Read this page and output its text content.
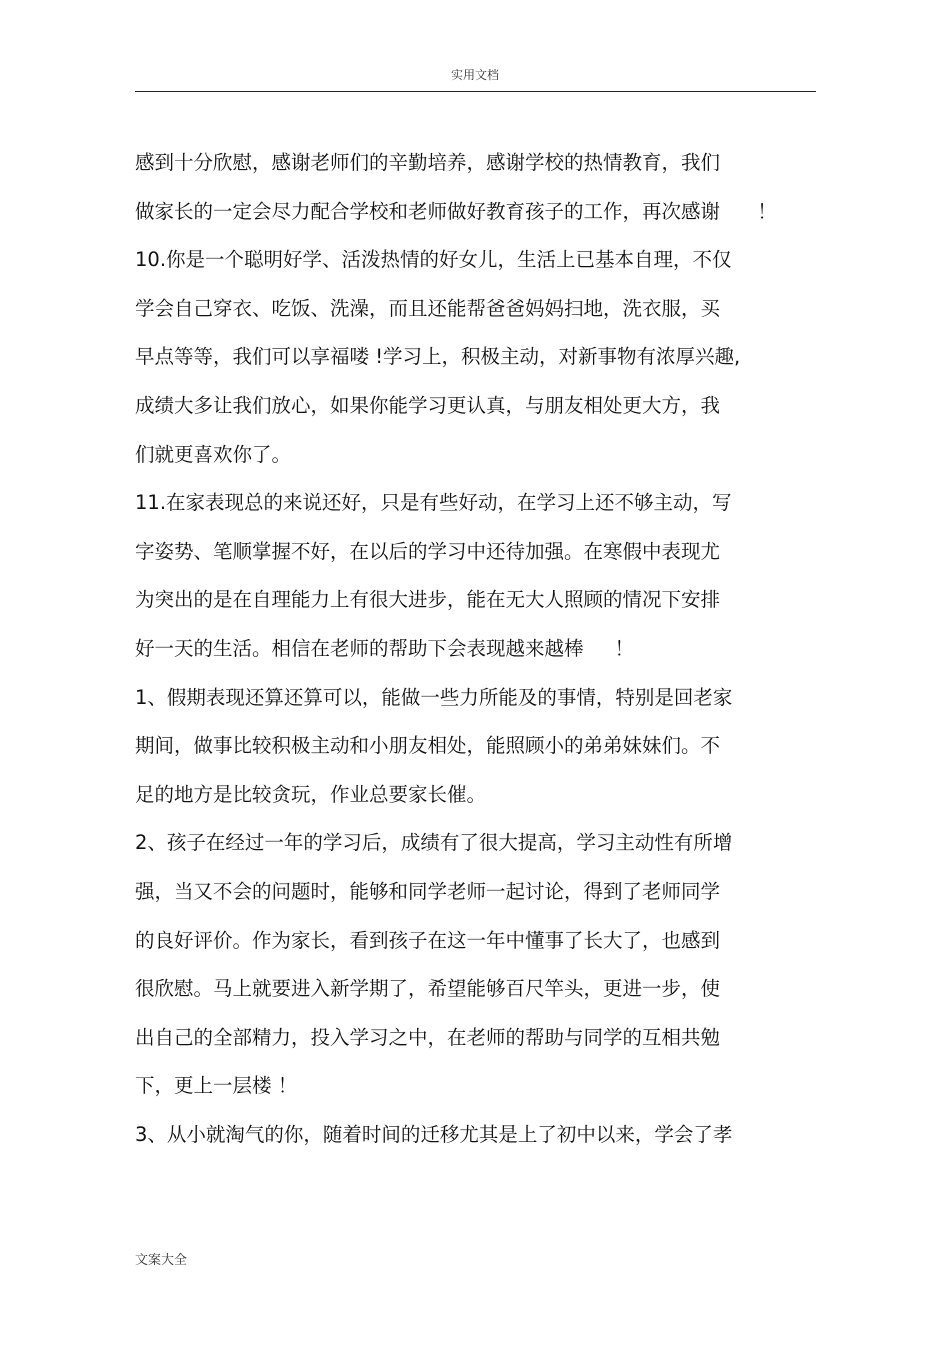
实用文档
感到十分欣慰，感谢老师们的辛勤培养，感谢学校的热情教育，我们
做家长的一定会尽力配合学校和老师做好教育孩子的工作，再次感谢      ！
10.你是一个聪明好学、活泼热情的好女儿，生活上已基本自理，不仅
学会自己穿衣、吃饭、洗澡，而且还能帮爸爸妈妈扫地，洗衣服，买
早点等等，我们可以享福喽 !学习上，积极主动，对新事物有浓厚兴趣,
成绩大多让我们放心，如果你能学习更认真，与朋友相处更大方，我
们就更喜欢你了。
11.在家表现总的来说还好，只是有些好动，在学习上还不够主动，写
字姿势、笔顺掌握不好，在以后的学习中还待加强。在寒假中表现尤
为突出的是在自理能力上有很大进步，能在无大人照顾的情况下安排
好一天的生活。相信在老师的帮助下会表现越来越棒     ！
1、假期表现还算还算可以，能做一些力所能及的事情，特别是回老家
期间，做事比较积极主动和小朋友相处，能照顾小的弟弟妹妹们。不
足的地方是比较贪玩，作业总要家长催。
2、孩子在经过一年的学习后，成绩有了很大提高，学习主动性有所增
强，当又不会的问题时，能够和同学老师一起讨论，得到了老师同学
的良好评价。作为家长，看到孩子在这一年中懂事了长大了，也感到
很欣慰。马上就要进入新学期了，希望能够百尺竿头，更进一步，使
出自己的全部精力，投入学习之中，在老师的帮助与同学的互相共勉
下，更上一层楼 ！
3、从小就淘气的你，随着时间的迁移尤其是上了初中以来，学会了孝
文案大全
